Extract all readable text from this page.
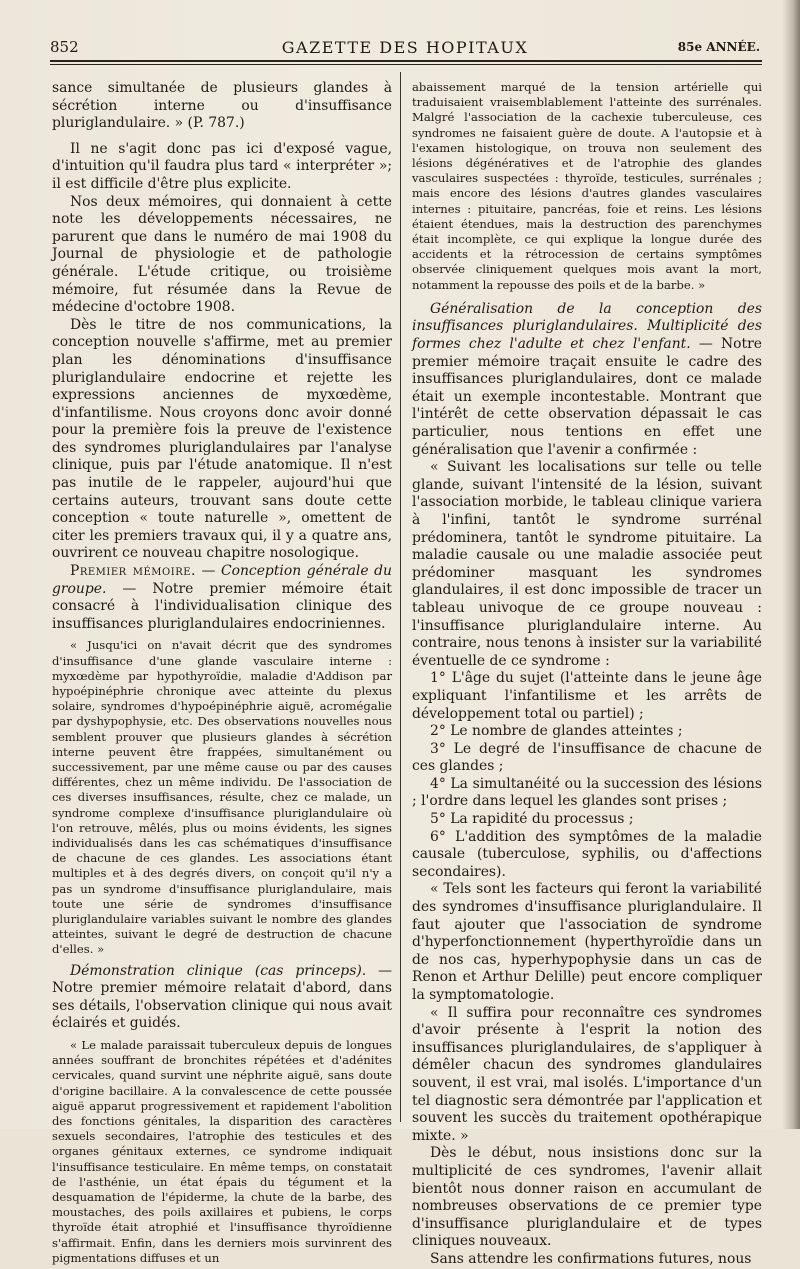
852	GAZETTE DES HOPITAUX	85e ANNÉE.

sance simultanée de plusieurs glandes à sécrétion interne ou d'insuffisance pluriglandulaire. » (P. 787.)

Il ne s'agit donc pas ici d'exposé vague, d'intuition qu'il faudra plus tard « interpréter »; il est difficile d'être plus explicite.

Nos deux mémoires, qui donnaient à cette note les développements nécessaires, ne parurent que dans le numéro de mai 1908 du Journal de physiologie et de pathologie générale. L'étude critique, ou troisième mémoire, fut résumée dans la Revue de médecine d'octobre 1908.

Dès le titre de nos communications, la conception nouvelle s'affirme, met au premier plan les dénominations d'insuffisance pluriglandulaire endocrine et rejette les expressions anciennes de myxœdème, d'infantilisme. Nous croyons donc avoir donné pour la première fois la preuve de l'existence des syndromes pluriglandulaires par l'analyse clinique, puis par l'étude anatomique. Il n'est pas inutile de le rappeler, aujourd'hui que certains auteurs, trouvant sans doute cette conception « toute naturelle », omettent de citer les premiers travaux qui, il y a quatre ans, ouvrirent ce nouveau chapitre nosologique.

Premier mémoire. — Conception générale du groupe. — Notre premier mémoire était consacré à l'individualisation clinique des insuffisances pluriglandulaires endocriniennes.

« Jusqu'ici on n'avait décrit que des syndromes d'insuffisance d'une glande vasculaire interne : myxœdème par hypothyroïdie, maladie d'Addison par hypoépinéphrie chronique avec atteinte du plexus solaire, syndromes d'hypoépinéphrie aiguë, acromégalie par dyshypophysie, etc. Des observations nouvelles nous semblent prouver que plusieurs glandes à sécrétion interne peuvent être frappées, simultanément ou successivement, par une même cause ou par des causes différentes, chez un même individu. De l'association de ces diverses insuffisances, résulte, chez ce malade, un syndrome complexe d'insuffisance pluriglandulaire où l'on retrouve, mêlés, plus ou moins évidents, les signes individualisés dans les cas schématiques d'insuffisance de chacune de ces glandes. Les associations étant multiples et à des degrés divers, on conçoit qu'il n'y a pas un syndrome d'insuffisance pluriglandulaire, mais toute une série de syndromes d'insuffisance pluriglandulaire variables suivant le nombre des glandes atteintes, suivant le degré de destruction de chacune d'elles. »

Démonstration clinique (cas princeps). — Notre premier mémoire relatait d'abord, dans ses détails, l'observation clinique qui nous avait éclairés et guidés.

« Le malade paraissait tuberculeux depuis de longues années souffrant de bronchites répétées et d'adénites cervicales, quand survint une néphrite aiguë, sans doute d'origine bacillaire. A la convalescence de cette poussée aiguë apparut progressivement et rapidement l'abolition des fonctions génitales, la disparition des caractères sexuels secondaires, l'atrophie des testicules et des organes génitaux externes, ce syndrome indiquait l'insuffisance testiculaire. En même temps, on constatait de l'asthénie, un état épais du tégument et la desquamation de l'épiderme, la chute de la barbe, des moustaches, des poils axillaires et pubiens, le corps thyroïde était atrophié et l'insuffisance thyroïdienne s'affirmait. Enfin, dans les derniers mois survinrent des pigmentations diffuses et un

abaissement marqué de la tension artérielle qui traduisaient vraisemblablement l'atteinte des surrénales. Malgré l'association de la cachexie tuberculeuse, ces syndromes ne faisaient guère de doute. A l'autopsie et à l'examen histologique, on trouva non seulement des lésions dégénératives et de l'atrophie des glandes vasculaires suspectées : thyroïde, testicules, surrénales ; mais encore des lésions d'autres glandes vasculaires internes : pituitaire, pancréas, foie et reins. Les lésions étaient étendues, mais la destruction des parenchymes était incomplète, ce qui explique la longue durée des accidents et la rétrocession de certains symptômes observée cliniquement quelques mois avant la mort, notamment la repousse des poils et de la barbe. »

Généralisation de la conception des insuffisances pluriglandulaires. Multiplicité des formes chez l'adulte et chez l'enfant. — Notre premier mémoire traçait ensuite le cadre des insuffisances pluriglandulaires, dont ce malade était un exemple incontestable. Montrant que l'intérêt de cette observation dépassait le cas particulier, nous tentions en effet une généralisation que l'avenir a confirmée :

« Suivant les localisations sur telle ou telle glande, suivant l'intensité de la lésion, suivant l'association morbide, le tableau clinique variera à l'infini, tantôt le syndrome surrénal prédominera, tantôt le syndrome pituitaire. La maladie causale ou une maladie associée peut prédominer masquant les syndromes glandulaires, il est donc impossible de tracer un tableau univoque de ce groupe nouveau : l'insuffisance pluriglandulaire interne. Au contraire, nous tenons à insister sur la variabilité éventuelle de ce syndrome :

1° L'âge du sujet (l'atteinte dans le jeune âge expliquant l'infantilisme et les arrêts de développement total ou partiel) ;

2° Le nombre de glandes atteintes ;

3° Le degré de l'insuffisance de chacune de ces glandes ;

4° La simultanéité ou la succession des lésions ; l'ordre dans lequel les glandes sont prises ;

5° La rapidité du processus ;

6° L'addition des symptômes de la maladie causale (tuberculose, syphilis, ou d'affections secondaires).

« Tels sont les facteurs qui feront la variabilité des syndromes d'insuffisance pluriglandulaire. Il faut ajouter que l'association de syndrome d'hyperfonctionnement (hyperthyroïdie dans un de nos cas, hyperhypophysie dans un cas de Renon et Arthur Delille) peut encore compliquer la symptomatologie.

« Il suffira pour reconnaître ces syndromes d'avoir présente à l'esprit la notion des insuffisances pluriglandulaires, de s'appliquer à démêler chacun des syndromes glandulaires souvent, il est vrai, mal isolés. L'importance d'un tel diagnostic sera démontrée par l'application et souvent les succès du traitement opothérapique mixte. »

Dès le début, nous insistions donc sur la multiplicité de ces syndromes, l'avenir allait bientôt nous donner raison en accumulant de nombreuses observations de ce premier type d'insuffisance pluriglandulaire et de types cliniques nouveaux.

Sans attendre les confirmations futures, nous
